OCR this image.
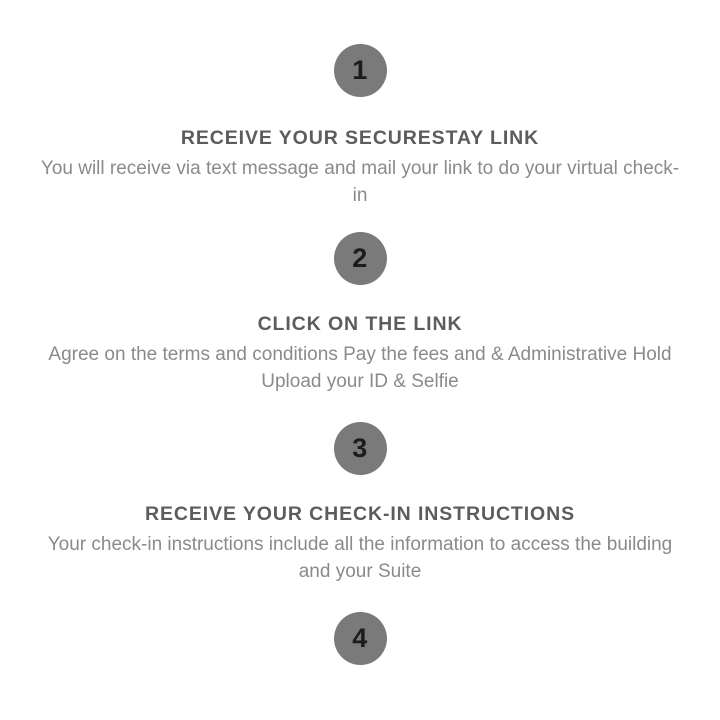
1
RECEIVE YOUR SECURESTAY LINK
You will receive via text message and mail your link to do your virtual check-in
2
CLICK ON THE LINK
Agree on the terms and conditions Pay the fees and & Administrative Hold Upload your ID & Selfie
3
RECEIVE YOUR CHECK-IN INSTRUCTIONS
Your check-in instructions include all the information to access the building and your Suite
4
